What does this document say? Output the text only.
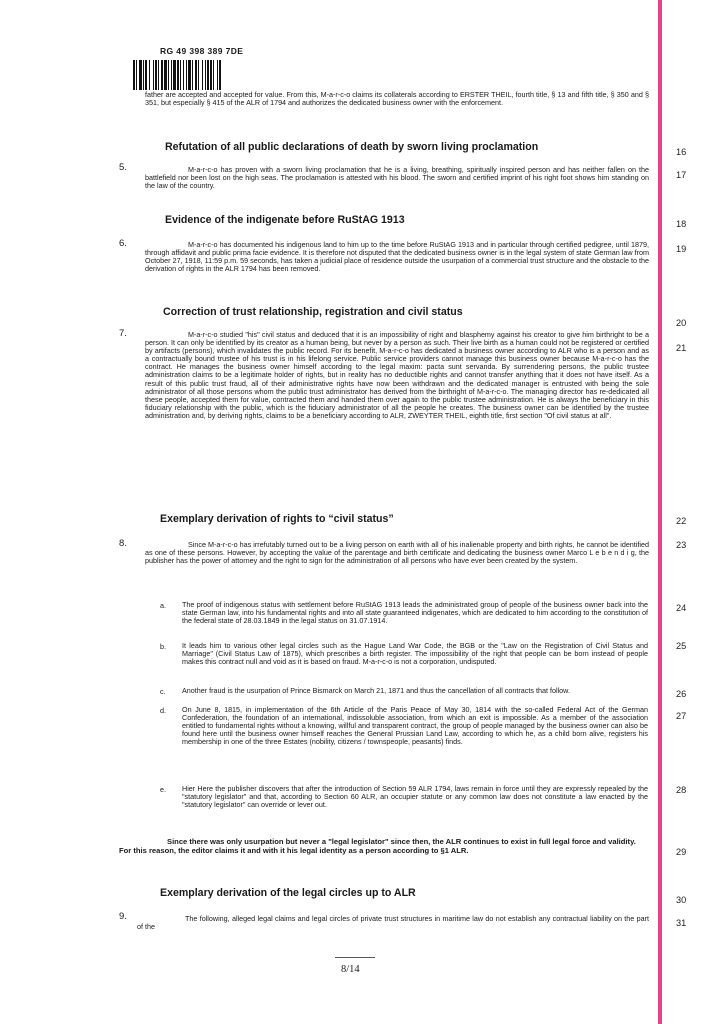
RG 49 398 389 7DE
father are accepted and accepted for value. From this, M-a-r-c-o claims its collaterals according to ERSTER THEIL, fourth title, § 13 and fifth title, § 350 and § 351, but especially § 415 of the ALR of 1794 and authorizes the dedicated business owner with the enforcement.
Refutation of all public declarations of death by sworn living proclamation	16
5.	M-a-r-c-o has proven with a sworn living proclamation that he is a living, breathing, spiritually inspired person and has neither fallen on the battlefield nor been lost on the high seas. The proclamation is attested with his blood. The sworn and certified imprint of his right foot shows him standing on the law of the country.
17
Evidence of the indigenate before RuStAG 1913	18
6.	M-a-r-c-o has documented his indigenous land to him up to the time before RuStAG 1913 and in particular through certified pedigree, until 1879, through affidavit and public prima facie evidence. It is therefore not disputed that the dedicated business owner is in the legal system of state German law from October 27, 1918, 11:59 p.m. 59 seconds, has taken a judicial place of residence outside the usurpation of a commercial trust structure and the obstacle to the derivation of rights in the ALR 1794 has been removed.
19
Correction of trust relationship, registration and civil status
20
7.	M-a-r-c-o studied "his" civil status and deduced that it is an impossibility of right and blasphemy against his creator to give him birthright to be a person. It can only be identified by its creator as a human being, but never by a person as such. Their live birth as a human could not be registered or certified by artifacts (persons), which invalidates the public record. For its benefit, M-a-r-c-o has dedicated a business owner according to ALR who is a person and as a contractually bound trustee of his trust is in his lifelong service. Public service providers cannot manage this business owner because M-a-r-c-o has the contract. He manages the business owner himself according to the legal maxim: pacta sunt servanda. By surrendering persons, the public trustee administration claims to be a legitimate holder of rights, but in reality has no deductible rights and cannot transfer anything that it does not have itself. As a result of this public trust fraud, all of their administrative rights have now been withdrawn and the dedicated manager is entrusted with being the sole administrator of all those persons whom the public trust administrator has derived from the birthright of M-a-r-c-o. The managing director has re-dedicated all these people, accepted them for value, contracted them and handed them over again to the public trustee administration. He is always the beneficiary in this fiduciary relationship with the public, which is the fiduciary administrator of all the people he creates. The business owner can be identified by the trustee administration and, by deriving rights, claims to be a beneficiary according to ALR, ZWEYTER THEIL, eighth title, first section "Of civil status at all".
21
Exemplary derivation of rights to “civil status”	22
8.	Since M-a-r-c-o has irrefutably turned out to be a living person on earth with all of his inalienable property and birth rights, he cannot be identified as one of these persons. However, by accepting the value of the parentage and birth certificate and dedicating the business owner Marco L e b e n d i g, the publisher has the power of attorney and the right to sign for the administration of all persons who have ever been created by the system.
23
a. The proof of indigenous status with settlement before RuStAG 1913 leads the administrated group of people of the business owner back into the state German law, into his fundamental rights and into all state guaranteed indigenates, which are dedicated to him according to the constitution of the federal state of 28.03.1849 in the legal status on 31.07.1914.
24
b. It leads him to various other legal circles such as the Hague Land War Code, the BGB or the "Law on the Registration of Civil Status and Marriage" (Civil Status Law of 1875), which prescribes a birth register. The impossibility of the right that people can be born instead of people makes this contract null and void as it is based on fraud. M-a-r-c-o is not a corporation, undisputed.
25
c. Another fraud is the usurpation of Prince Bismarck on March 21, 1871 and thus the cancellation of all contracts that follow.	26
d. On June 8, 1815, in implementation of the 6th Article of the Paris Peace of May 30, 1814 with the so-called Federal Act of the German Confederation, the foundation of an international, indissoluble association, from which an exit is impossible. As a member of the association entitled to fundamental rights without a knowing, willful and transparent contract, the group of people managed by the business owner can also be found here until the business owner himself reaches the General Prussian Land Law, according to which he, as a child born alive, registers his membership in one of the three Estates (nobility, citizens / townspeople, peasants) finds.
27
e. Hier Here the publisher discovers that after the introduction of Section 59 ALR 1794, laws remain in force until they are expressly repealed by the "statutory legislator" and that, according to Section 60 ALR, an occupier statute or any common law does not constitute a law enacted by the "statutory legislator" can override or lever out.
28
Since there was only usurpation but never a "legal legislator" since then, the ALR continues to exist in full legal force and validity. For this reason, the editor claims it and with it his legal identity as a person according to §1 ALR.	29
Exemplary derivation of the legal circles up to ALR
30
9.	The following, alleged legal claims and legal circles of private trust structures in maritime law do not establish any contractual liability on the part of the	31
8/14
